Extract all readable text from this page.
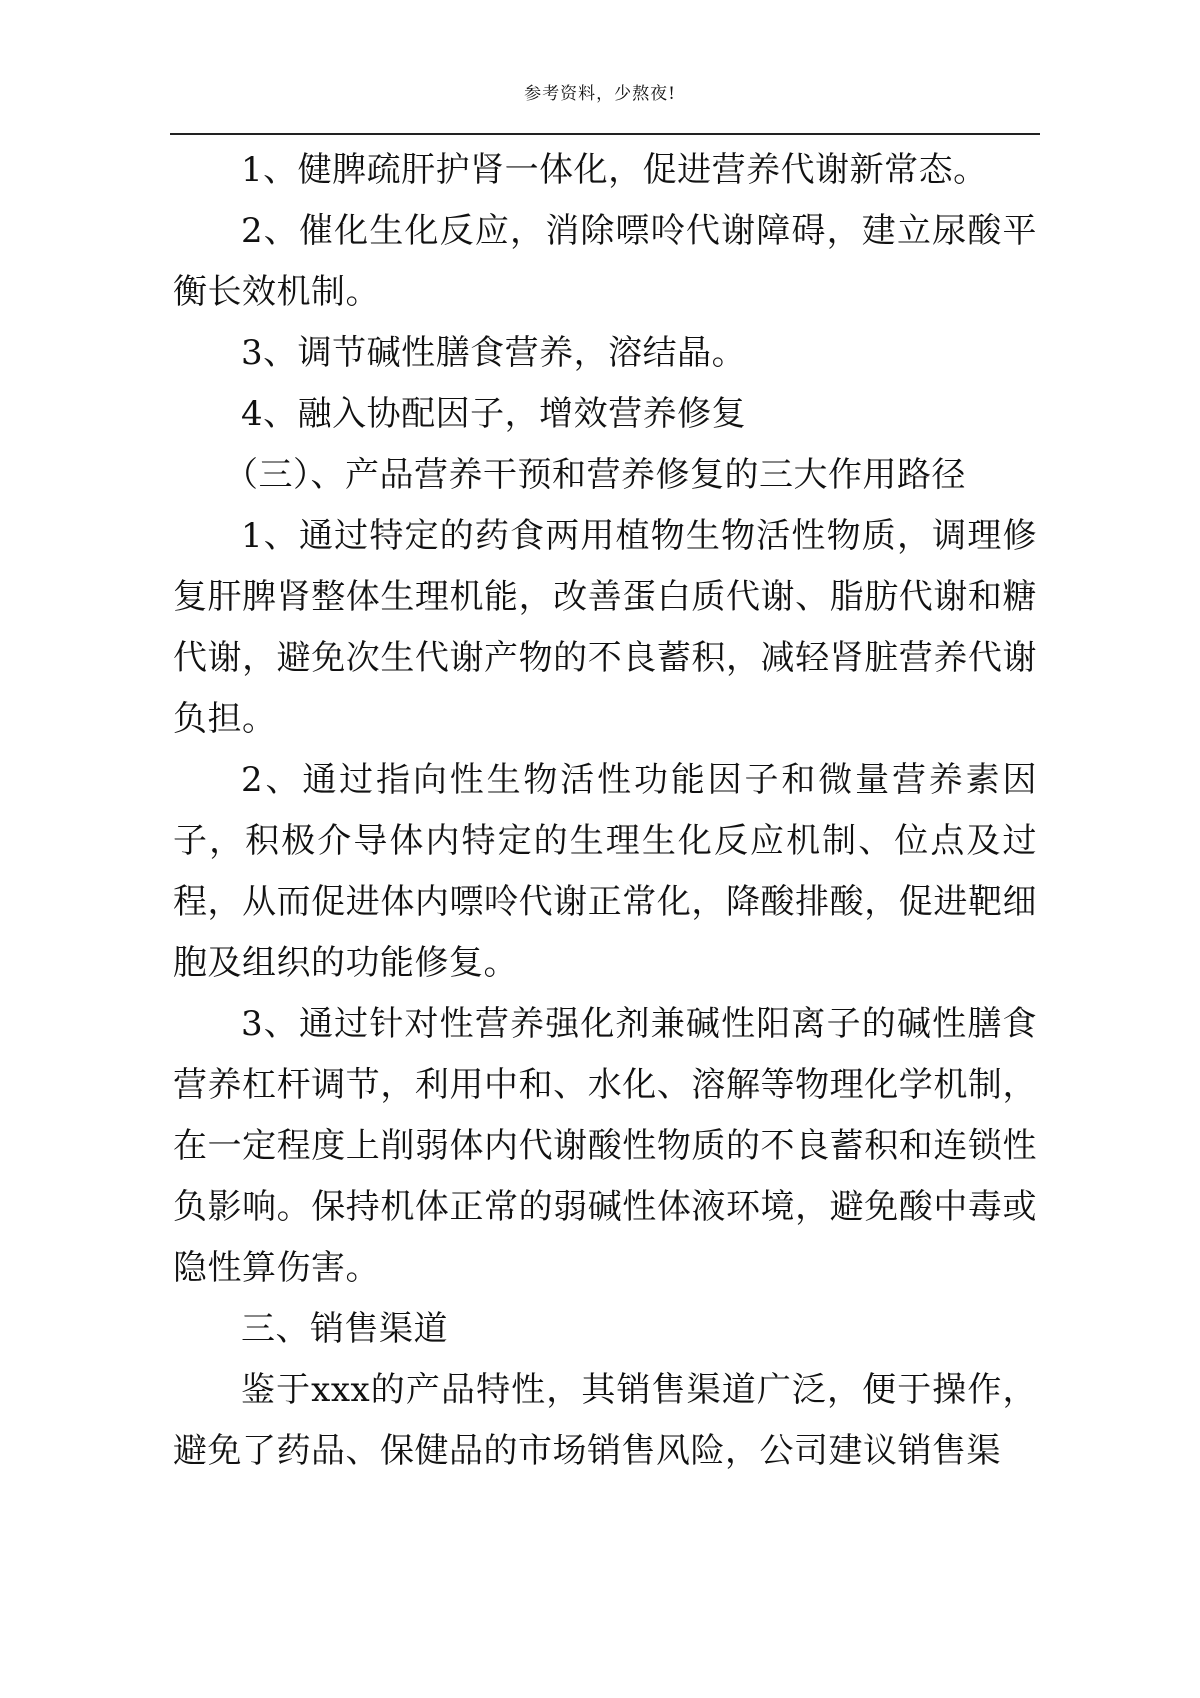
参考资料，少熬夜!

1、健脾疏肝护肾一体化，促进营养代谢新常态。

2、催化生化反应，消除嘌呤代谢障碍，建立尿酸平衡长效机制。

3、调节碱性膳食营养，溶结晶。

4、融入协配因子，增效营养修复

（三）、产品营养干预和营养修复的三大作用路径

1、通过特定的药食两用植物生物活性物质，调理修复肝脾肾整体生理机能，改善蛋白质代谢、脂肪代谢和糖代谢，避免次生代谢产物的不良蓄积，减轻肾脏营养代谢负担。

2、通过指向性生物活性功能因子和微量营养素因子，积极介导体内特定的生理生化反应机制、位点及过程，从而促进体内嘌呤代谢正常化，降酸排酸，促进靶细胞及组织的功能修复。

3、通过针对性营养强化剂兼碱性阳离子的碱性膳食营养杠杆调节，利用中和、水化、溶解等物理化学机制，在一定程度上削弱体内代谢酸性物质的不良蓄积和连锁性负影响。保持机体正常的弱碱性体液环境，避免酸中毒或隐性算伤害。

三、销售渠道

鉴于xxx的产品特性，其销售渠道广泛，便于操作，避免了药品、保健品的市场销售风险，公司建议销售渠
